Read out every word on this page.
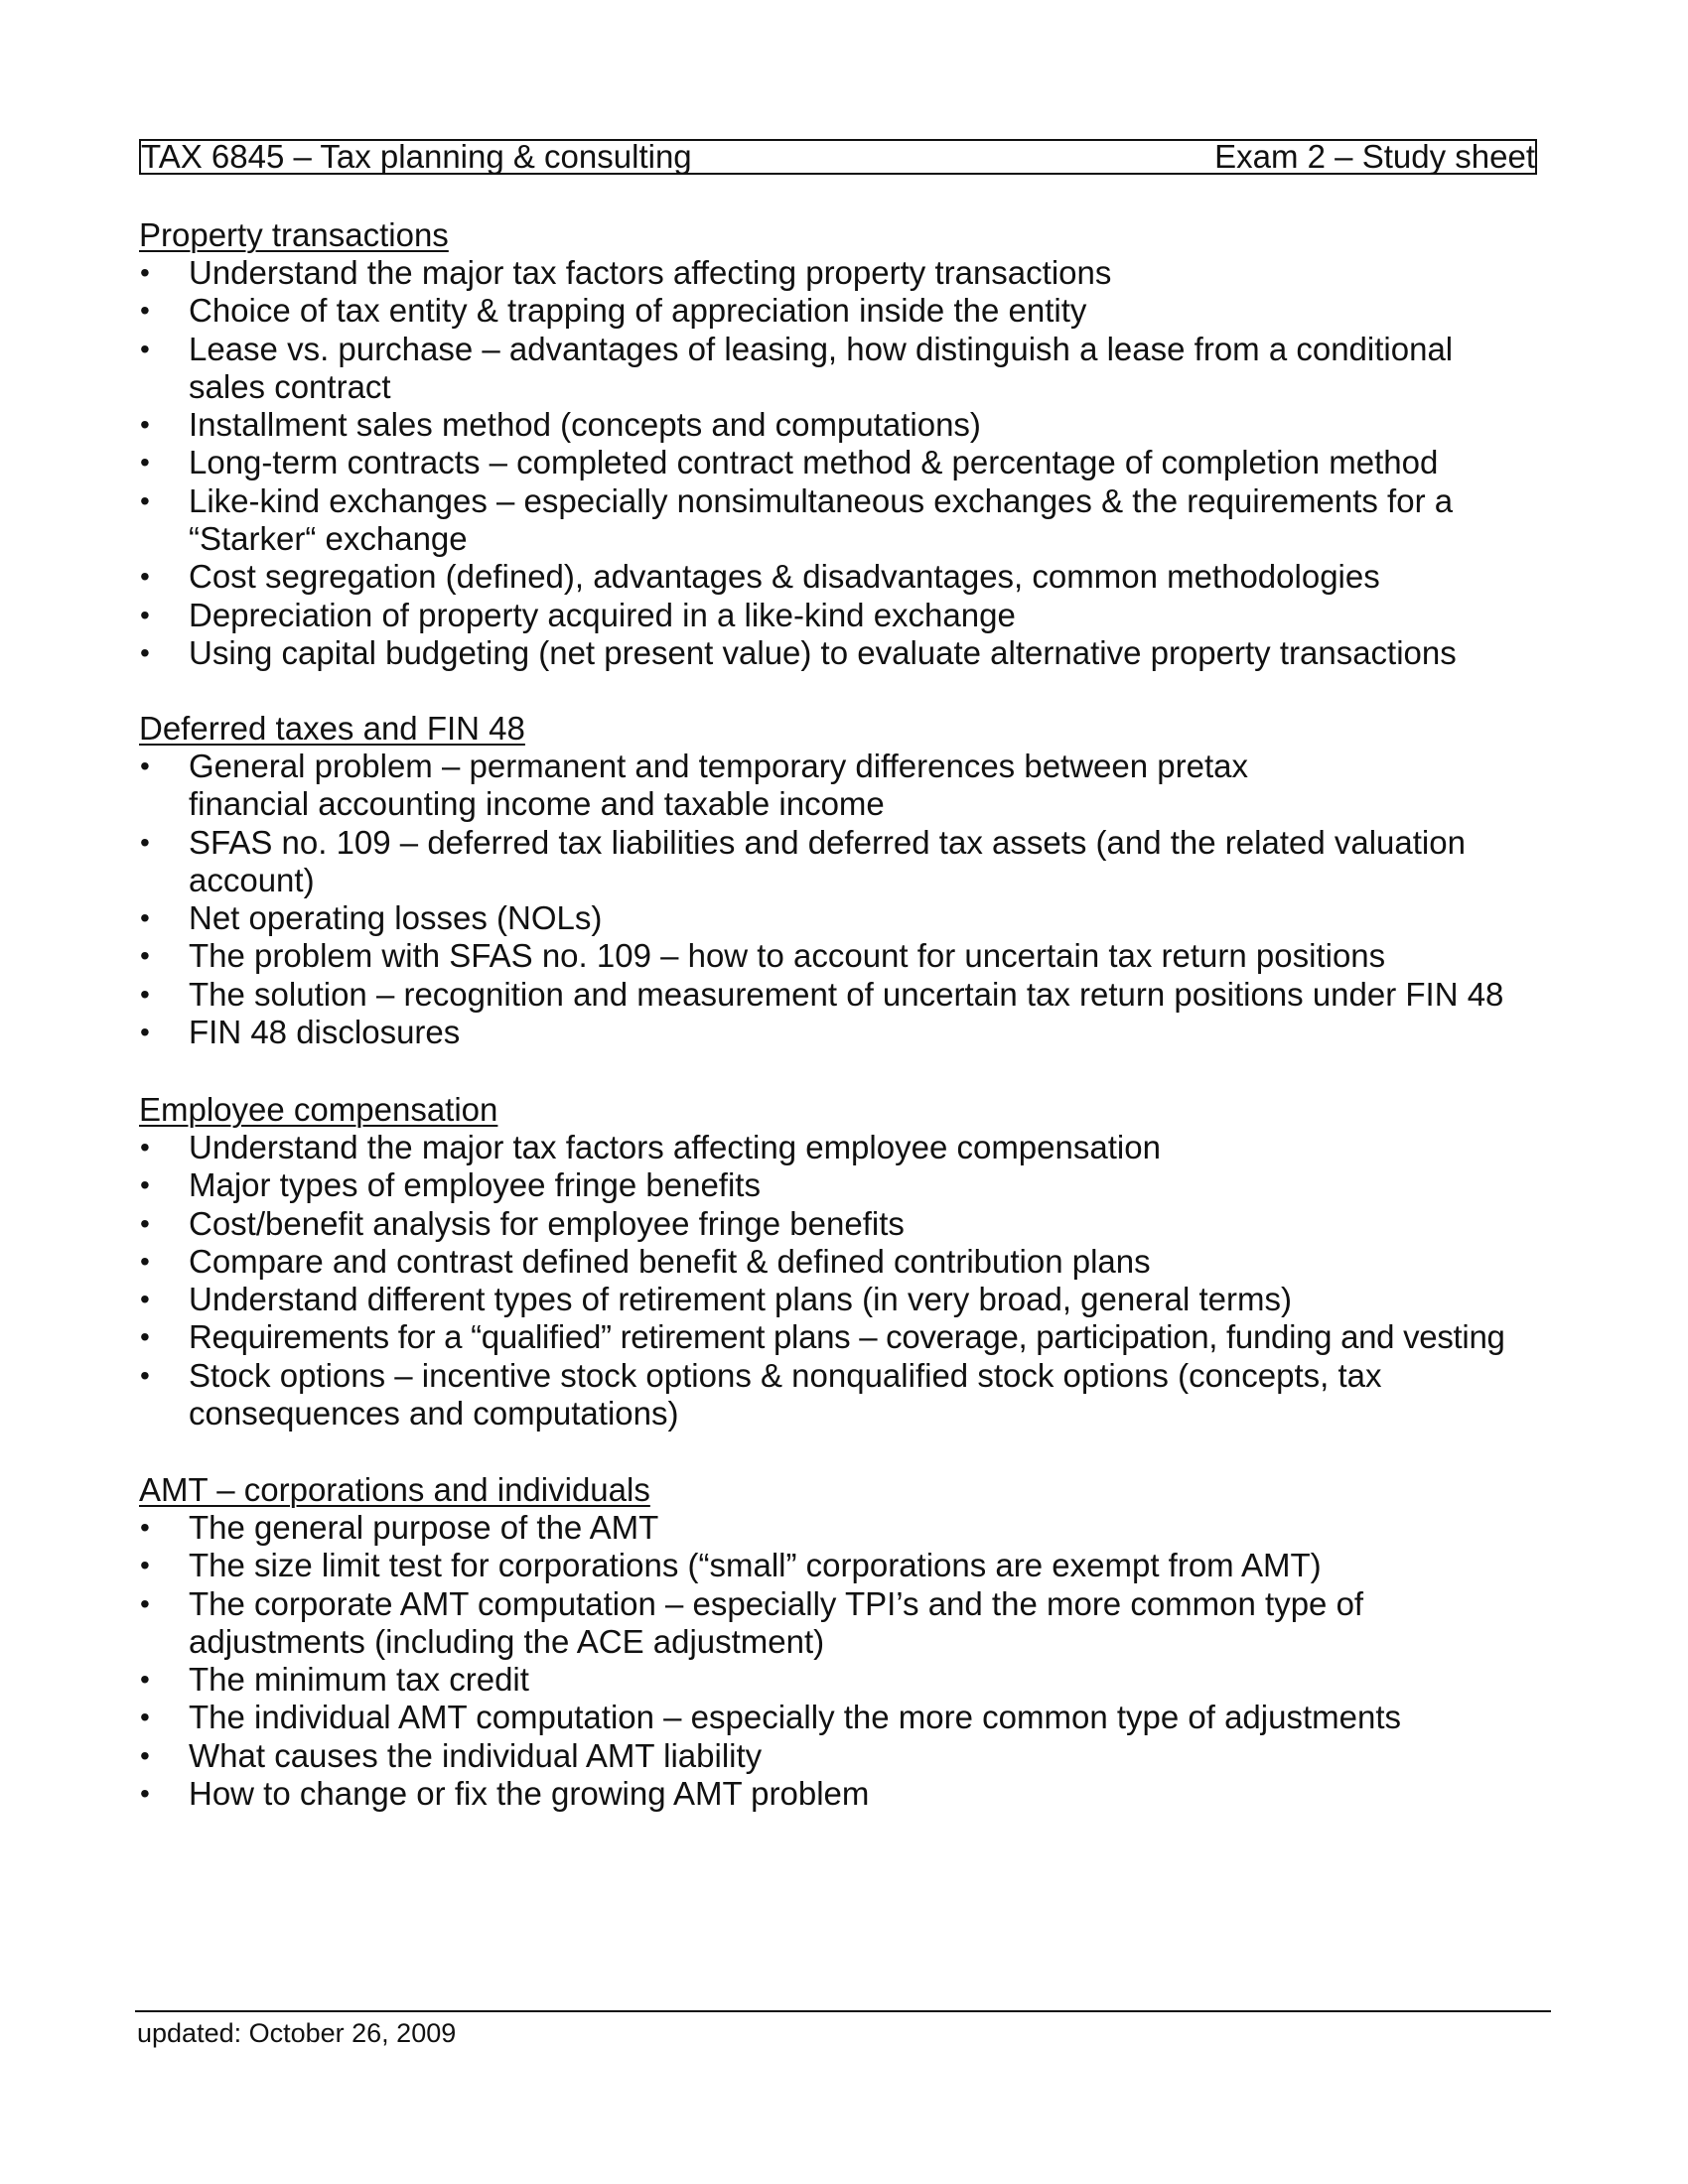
TAX 6845 – Tax planning & consulting	Exam 2 – Study sheet
Property transactions
• Understand the major tax factors affecting property transactions
• Choice of tax entity & trapping of appreciation inside the entity
• Lease vs. purchase – advantages of leasing, how distinguish a lease from a conditional sales contract
• Installment sales method (concepts and computations)
• Long-term contracts – completed contract method & percentage of completion method
• Like-kind exchanges – especially nonsimultaneous exchanges & the requirements for a “Starker“ exchange
• Cost segregation (defined), advantages & disadvantages, common methodologies
• Depreciation of property acquired in a like-kind exchange
• Using capital budgeting (net present value) to evaluate alternative property transactions
Deferred taxes and FIN 48
• General problem – permanent and temporary differences between pretax financial accounting income and taxable income
• SFAS no. 109 – deferred tax liabilities and deferred tax assets (and the related valuation account)
• Net operating losses (NOLs)
• The problem with SFAS no. 109 – how to account for uncertain tax return positions
• The solution – recognition and measurement of uncertain tax return positions under FIN 48
• FIN 48 disclosures
Employee compensation
• Understand the major tax factors affecting employee compensation
• Major types of employee fringe benefits
• Cost/benefit analysis for employee fringe benefits
• Compare and contrast defined benefit & defined contribution plans
• Understand different types of retirement plans (in very broad, general terms)
• Requirements for a “qualified” retirement plans – coverage, participation, funding and vesting
• Stock options – incentive stock options & nonqualified stock options (concepts, tax consequences and computations)
AMT – corporations and individuals
• The general purpose of the AMT
• The size limit test for corporations (“small” corporations are exempt from AMT)
• The corporate AMT computation – especially TPI’s and the more common type of adjustments (including the ACE adjustment)
• The minimum tax credit
• The individual AMT computation – especially the more common type of adjustments
• What causes the individual AMT liability
• How to change or fix the growing AMT problem
updated: October 26, 2009
